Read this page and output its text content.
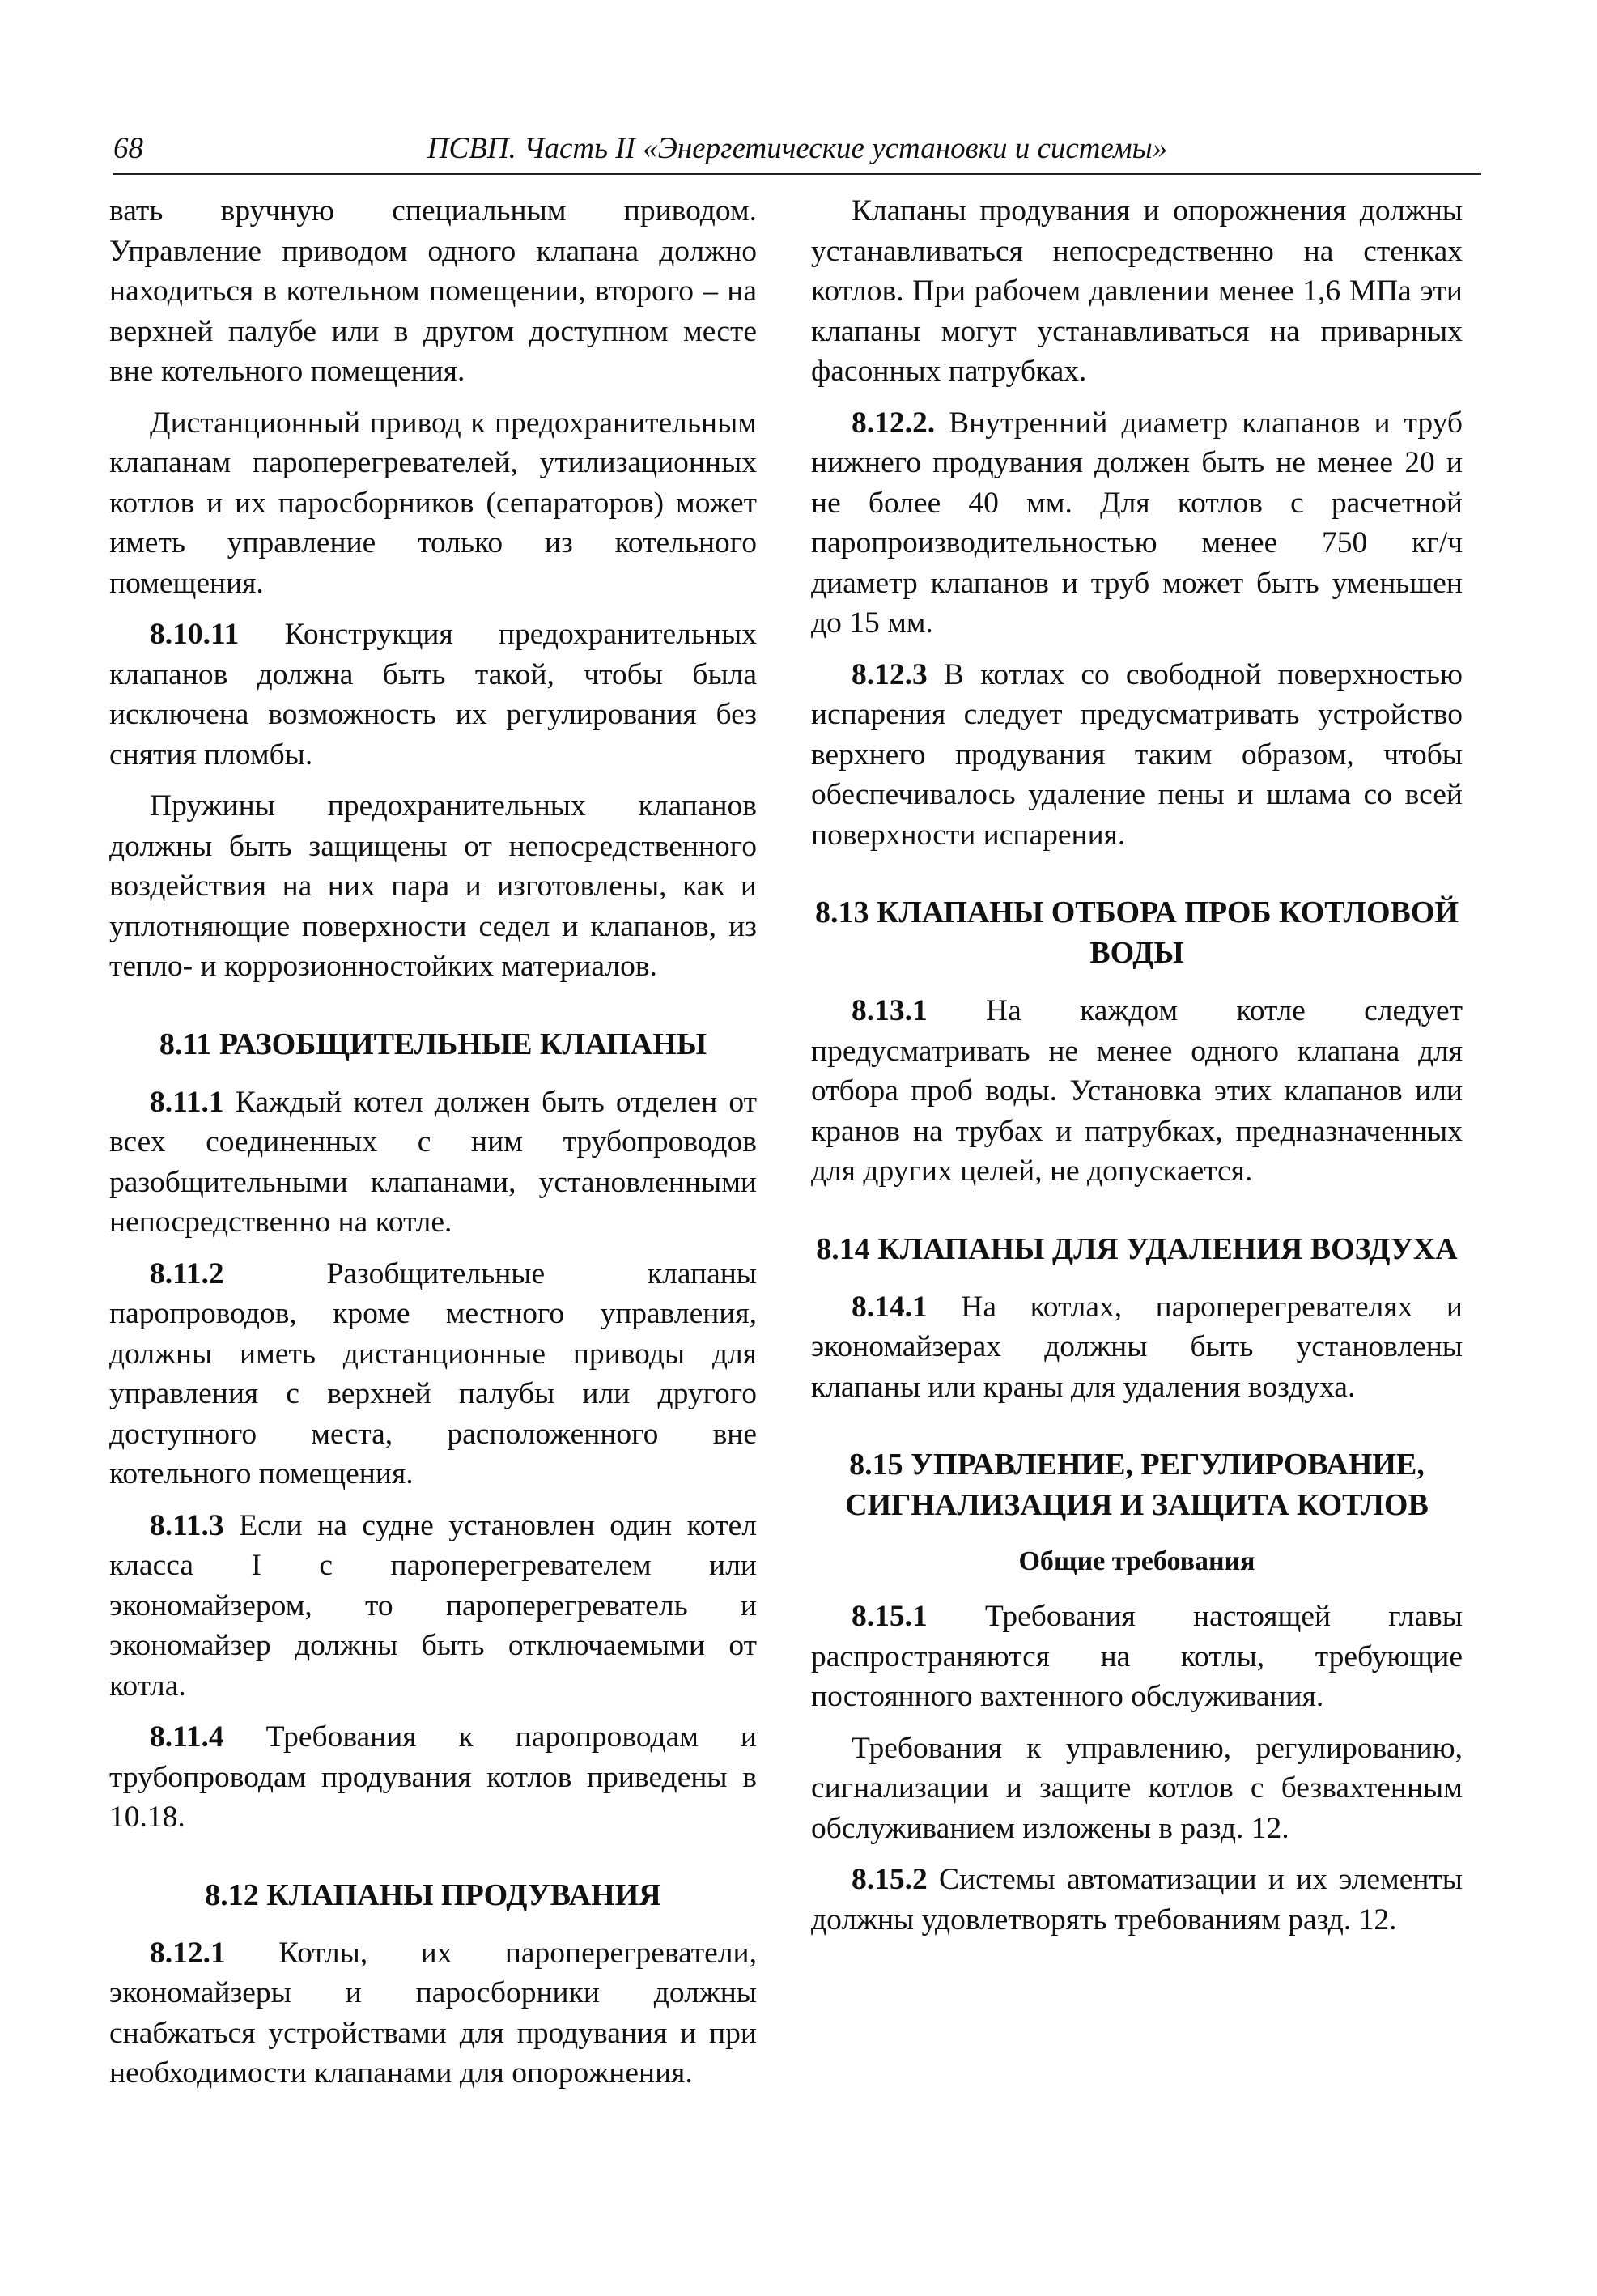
68	ПСВП. Часть II «Энергетические установки и системы»

вать вручную специальным приводом. Управление приводом одного клапана должно находиться в котельном помещении, второго – на верхней палубе или в другом доступном месте вне котельного помещения.

Дистанционный привод к предохранительным клапанам пароперегревателей, утилизационных котлов и их паросборников (сепараторов) может иметь управление только из котельного помещения.

8.10.11 Конструкция предохранительных клапанов должна быть такой, чтобы была исключена возможность их регулирования без снятия пломбы.

Пружины предохранительных клапанов должны быть защищены от непосредственного воздействия на них пара и изготовлены, как и уплотняющие поверхности седел и клапанов, из тепло- и коррозионностойких материалов.

8.11 РАЗОБЩИТЕЛЬНЫЕ КЛАПАНЫ

8.11.1 Каждый котел должен быть отделен от всех соединенных с ним трубопроводов разобщительными клапанами, установленными непосредственно на котле.

8.11.2 Разобщительные клапаны паропроводов, кроме местного управления, должны иметь дистанционные приводы для управления с верхней палубы или другого доступного места, расположенного вне котельного помещения.

8.11.3 Если на судне установлен один котел класса I с пароперегревателем или экономайзером, то пароперегреватель и экономайзер должны быть отключаемыми от котла.

8.11.4 Требования к паропроводам и трубопроводам продувания котлов приведены в 10.18.

8.12 КЛАПАНЫ ПРОДУВАНИЯ

8.12.1 Котлы, их пароперегреватели, экономайзеры и паросборники должны снабжаться устройствами для продувания и при необходимости клапанами для опорожнения.

Клапаны продувания и опорожнения должны устанавливаться непосредственно на стенках котлов. При рабочем давлении менее 1,6 МПа эти клапаны могут устанавливаться на приварных фасонных патрубках.

8.12.2. Внутренний диаметр клапанов и труб нижнего продувания должен быть не менее 20 и не более 40 мм. Для котлов с расчетной паропроизводительностью менее 750 кг/ч диаметр клапанов и труб может быть уменьшен до 15 мм.

8.12.3 В котлах со свободной поверхностью испарения следует предусматривать устройство верхнего продувания таким образом, чтобы обеспечивалось удаление пены и шлама со всей поверхности испарения.

8.13 КЛАПАНЫ ОТБОРА ПРОБ КОТЛОВОЙ ВОДЫ

8.13.1 На каждом котле следует предусматривать не менее одного клапана для отбора проб воды. Установка этих клапанов или кранов на трубах и патрубках, предназначенных для других целей, не допускается.

8.14 КЛАПАНЫ ДЛЯ УДАЛЕНИЯ ВОЗДУХА

8.14.1 На котлах, пароперегревателях и экономайзерах должны быть установлены клапаны или краны для удаления воздуха.

8.15 УПРАВЛЕНИЕ, РЕГУЛИРОВАНИЕ, СИГНАЛИЗАЦИЯ И ЗАЩИТА КОТЛОВ
Общие требования

8.15.1 Требования настоящей главы распространяются на котлы, требующие постоянного вахтенного обслуживания.

Требования к управлению, регулированию, сигнализации и защите котлов с безвахтенным обслуживанием изложены в разд. 12.

8.15.2 Системы автоматизации и их элементы должны удовлетворять требованиям разд. 12.
